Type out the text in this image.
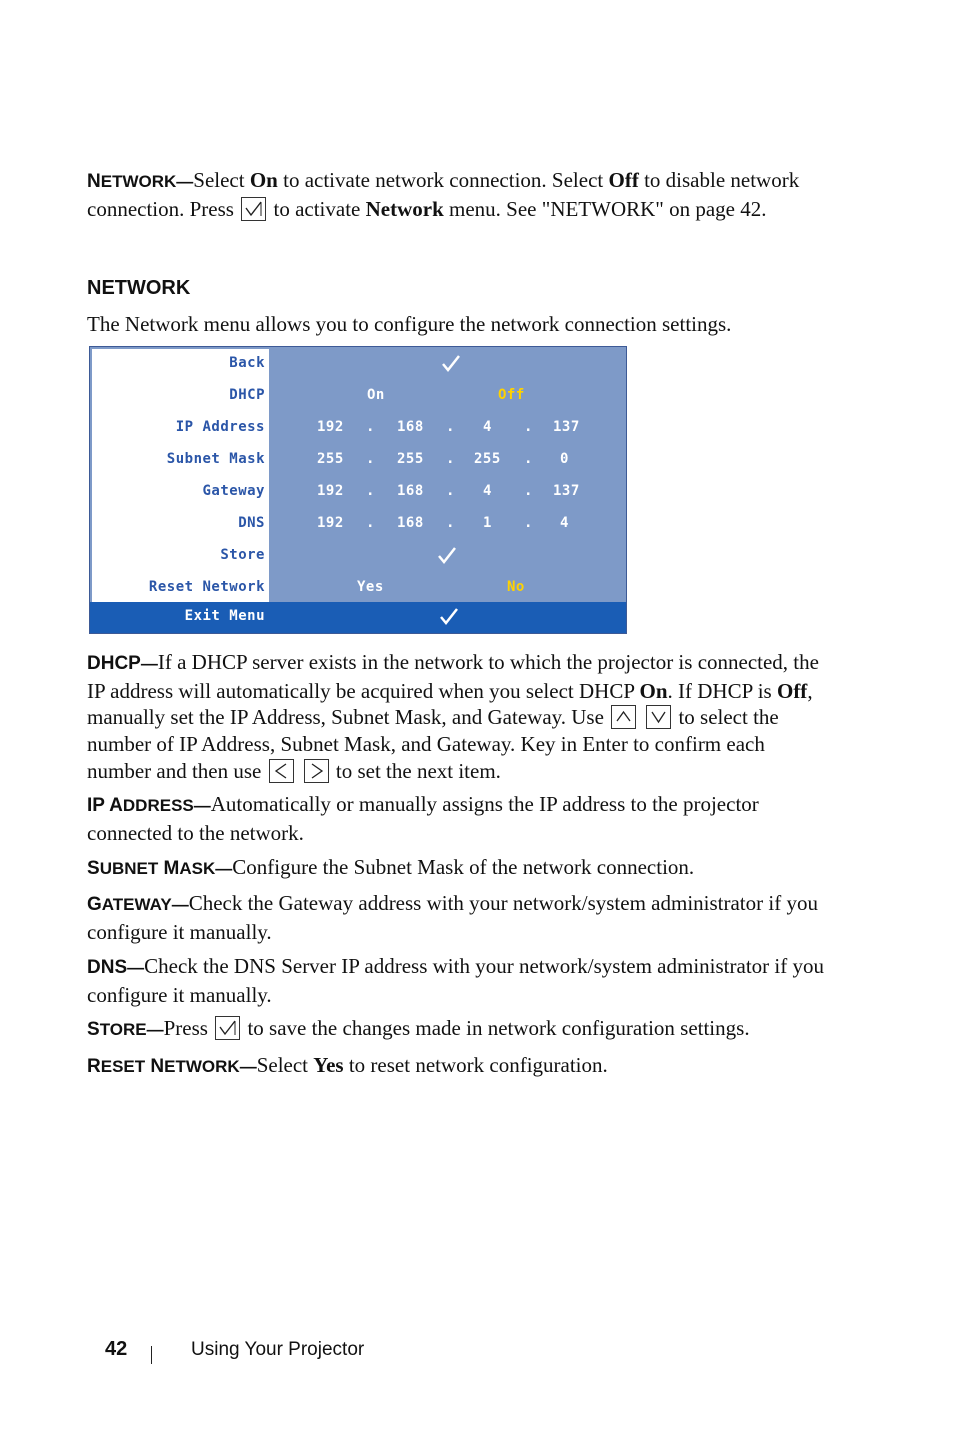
NETWORK—Select On to activate network connection. Select Off to disable network connection. Press
to activate Network menu. See "NETWORK" on page 42.
NETWORK
The Network menu allows you to configure the network connection settings.
Back
DHCP	On	Off
IP Address	192 . 168 . 4 . 137
Subnet Mask	255 . 255 . 255 . 0
Gateway	192 . 168 . 4 . 137
DNS	192 . 168 . 1 . 4
Store
Reset Network	Yes	No
Exit Menu
DHCP—If a DHCP server exists in the network to which the projector is connected, the IP address will automatically be acquired when you select DHCP On. If DHCP is Off, manually set the IP Address, Subnet Mask, and Gateway. Use	to select the number of IP Address, Subnet Mask, and Gateway. Key in Enter to confirm each number and then use	to set the next item.
IP ADDRESS—Automatically or manually assigns the IP address to the projector connected to the network.
SUBNET MASK—Configure the Subnet Mask of the network connection.
GATEWAY—Check the Gateway address with your network/system administrator if you configure it manually.
DNS—Check the DNS Server IP address with your network/system administrator if you configure it manually.
STORE—Press
to save the changes made in network configuration settings.
RESET NETWORK—Select Yes to reset network configuration.
42	Using Your Projector
